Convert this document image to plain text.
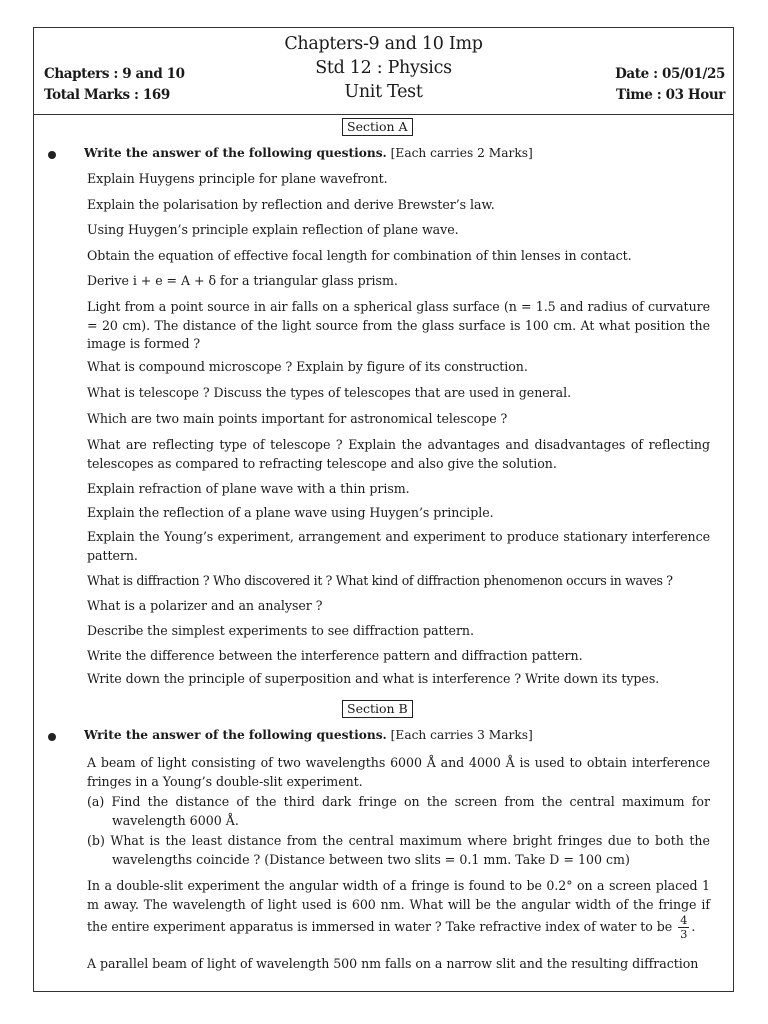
Chapters-9 and 10 Imp
Std 12 : Physics
Unit Test
Chapters : 9 and 10
Total Marks : 169
Date : 05/01/25
Time : 03 Hour
Section A
Write the answer of the following questions. [Each carries 2 Marks]
Explain Huygens principle for plane wavefront.
Explain the polarisation by reflection and derive Brewster’s law.
Using Huygen’s principle explain reflection of plane wave.
Obtain the equation of effective focal length for combination of thin lenses in contact.
Derive i + e = A + δ for a triangular glass prism.
Light from a point source in air falls on a spherical glass surface (n = 1.5 and radius of curvature = 20 cm). The distance of the light source from the glass surface is 100 cm. At what position the image is formed ?
What is compound microscope ? Explain by figure of its construction.
What is telescope ? Discuss the types of telescopes that are used in general.
Which are two main points important for astronomical telescope ?
What are reflecting type of telescope ? Explain the advantages and disadvantages of reflecting telescopes as compared to refracting telescope and also give the solution.
Explain refraction of plane wave with a thin prism.
Explain the reflection of a plane wave using Huygen’s principle.
Explain the Young’s experiment, arrangement and experiment to produce stationary interference pattern.
What is diffraction ? Who discovered it ? What kind of diffraction phenomenon occurs in waves ?
What is a polarizer and an analyser ?
Describe the simplest experiments to see diffraction pattern.
Write the difference between the interference pattern and diffraction pattern.
Write down the principle of superposition and what is interference ? Write down its types.
Section B
Write the answer of the following questions. [Each carries 3 Marks]
A beam of light consisting of two wavelengths 6000 Å and 4000 Å is used to obtain interference fringes in a Young’s double-slit experiment.
(a) Find the distance of the third dark fringe on the screen from the central maximum for wavelength 6000 Å.
(b) What is the least distance from the central maximum where bright fringes due to both the wavelengths coincide ? (Distance between two slits = 0.1 mm. Take D = 100 cm)
In a double-slit experiment the angular width of a fringe is found to be 0.2° on a screen placed 1 m away. The wavelength of light used is 600 nm. What will be the angular width of the fringe if the entire experiment apparatus is immersed in water ? Take refractive index of water to be $\frac{4}{3}$ .
A parallel beam of light of wavelength 500 nm falls on a narrow slit and the resulting diffraction
